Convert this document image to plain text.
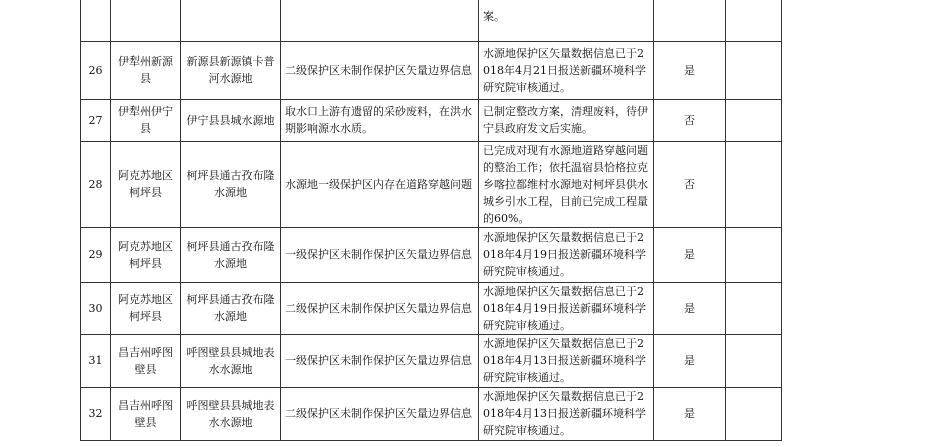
				案。		
26	伊犁州新源县	新源县新源镇卡普河水源地	二级保护区未制作保护区矢量边界信息	水源地保护区矢量数据信息已于2018年4月21日报送新疆环境科学研究院审核通过。	是	
27	伊犁州伊宁县	伊宁县县城水源地	取水口上游有遗留的采砂废料，在洪水期影响源水水质。	已制定整改方案，清理废料，待伊宁县政府发文后实施。	否	
28	阿克苏地区柯坪县	柯坪县通古孜布隆水源地	水源地一级保护区内存在道路穿越问题	已完成对现有水源地道路穿越问题的整治工作；依托温宿县恰格拉克乡喀拉都维村水源地对柯坪县供水城乡引水工程，目前已完成工程量的60%。	否	
29	阿克苏地区柯坪县	柯坪县通古孜布隆水源地	一级保护区未制作保护区矢量边界信息	水源地保护区矢量数据信息已于2018年4月19日报送新疆环境科学研究院审核通过。	是	
30	阿克苏地区柯坪县	柯坪县通古孜布隆水源地	二级保护区未制作保护区矢量边界信息	水源地保护区矢量数据信息已于2018年4月19日报送新疆环境科学研究院审核通过。	是	
31	昌吉州呼图壁县	呼图壁县县城地表水水源地	一级保护区未制作保护区矢量边界信息	水源地保护区矢量数据信息已于2018年4月13日报送新疆环境科学研究院审核通过。	是	
32	昌吉州呼图壁县	呼图壁县县城地表水水源地	二级保护区未制作保护区矢量边界信息	水源地保护区矢量数据信息已于2018年4月13日报送新疆环境科学研究院审核通过。	是	
